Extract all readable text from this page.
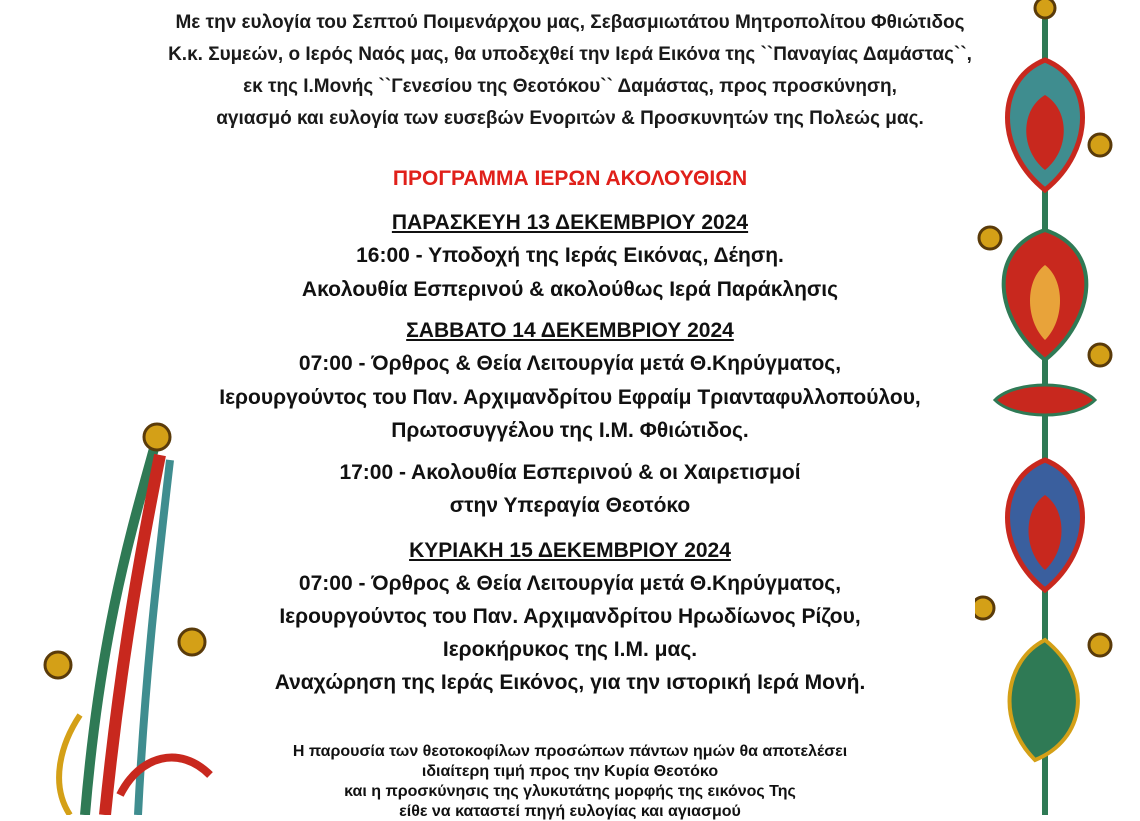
Με την ευλογία του Σεπτού Ποιμενάρχου μας, Σεβασμιωτάτου Μητροπολίτου Φθιώτιδος
Κ.κ. Συμεών, ο Ιερός Ναός μας, θα υποδεχθεί την Ιερά Εικόνα της ``Παναγίας Δαμάστας``,
εκ της Ι.Μονής ``Γενεσίου της Θεοτόκου`` Δαμάστας, προς προσκύνηση,
αγιασμό και ευλογία των ευσεβών Ενοριτών & Προσκυνητών της Πολεώς μας.
ΠΡΟΓΡΑΜΜΑ ΙΕΡΩΝ ΑΚΟΛΟΥΘΙΩΝ
ΠΑΡΑΣΚΕΥΗ 13 ΔΕΚΕΜΒΡΙΟΥ 2024
16:00 - Υποδοχή της Ιεράς Εικόνας, Δέηση.
Ακολουθία Εσπερινού & ακολούθως Ιερά Παράκλησις
ΣΑΒΒΑΤΟ 14 ΔΕΚΕΜΒΡΙΟΥ 2024
07:00 - Όρθρος & Θεία Λειτουργία μετά Θ.Κηρύγματος,
Ιερουργούντος του Παν. Αρχιμανδρίτου Εφραίμ Τριανταφυλλοπούλου,
Πρωτοσυγγέλου της Ι.Μ. Φθιώτιδος.
17:00 - Ακολουθία Εσπερινού & οι Χαιρετισμοί
στην Υπεραγία Θεοτόκο
ΚΥΡΙΑΚΗ 15 ΔΕΚΕΜΒΡΙΟΥ 2024
07:00 - Όρθρος & Θεία Λειτουργία μετά Θ.Κηρύγματος,
Ιερουργούντος του Παν. Αρχιμανδρίτου Ηρωδίωνος Ρίζου,
Ιεροκήρυκος της Ι.Μ. μας.
Αναχώρηση της Ιεράς Εικόνος, για την ιστορική Ιερά Μονή.
Η παρουσία των θεοτοκοφίλων προσώπων πάντων ημών θα αποτελέσει
ιδιαίτερη τιμή προς την Κυρία Θεοτόκο
και η προσκύνησις της γλυκυτάτης μορφής της εικόνος Της
είθε να καταστεί πηγή ευλογίας και αγιασμού
